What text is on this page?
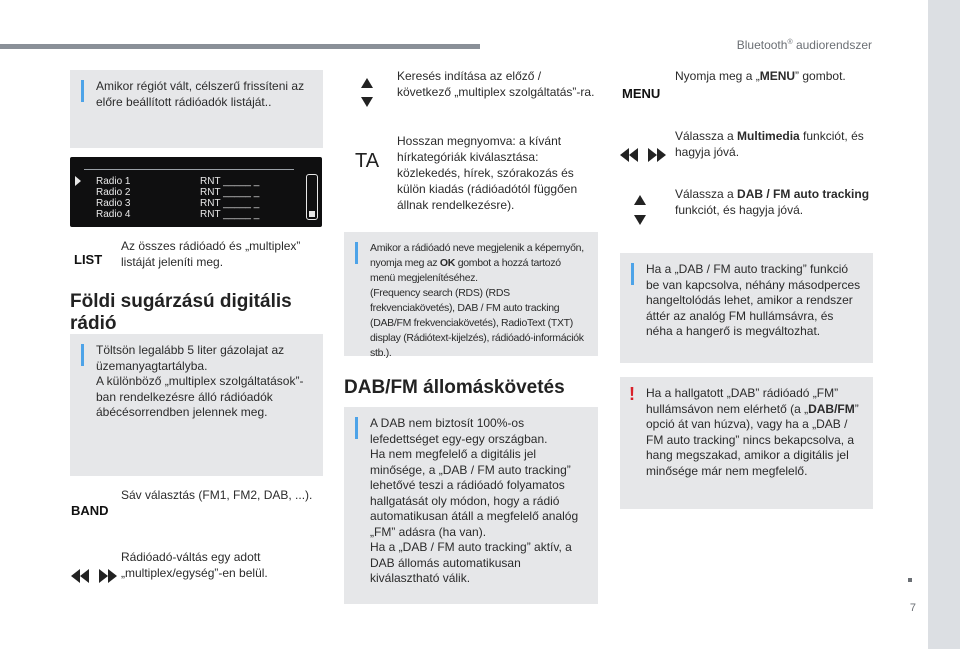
Bluetooth® audiorendszer
7
Amikor régiót vált, célszerű frissíteni az előre beállított rádióadók listáját..
Radio 1	RNT _____ _
Radio 2	RNT _____ _
Radio 3	RNT _____ _
Radio 4	RNT _____ _
LIST
Az összes rádióadó és „multiplex” listáját jeleníti meg.
Földi sugárzású digitális rádió
Töltsön legalább 5 liter gázolajat az üzemanyagtartályba.
A különböző „multiplex szolgáltatások”-ban rendelkezésre álló rádióadók ábécésorrendben jelennek meg.
BAND
Sáv választás (FM1, FM2, DAB, ...).
Rádióadó-váltás egy adott „multiplex/egység”-en belül.
Keresés indítása az előző / következő „multiplex szolgáltatás”-ra.
TA
Hosszan megnyomva: a kívánt hírkategóriák kiválasztása: közlekedés, hírek, szórakozás és külön kiadás (rádióadótól függően állnak rendelkezésre).
Amikor a rádióadó neve megjelenik a képernyőn, nyomja meg az OK gombot a hozzá tartozó menü megjelenítéséhez.
(Frequency search (RDS) (RDS frekvenciakövetés), DAB / FM auto tracking (DAB/FM frekvenciakövetés), RadioText (TXT) display (Rádiótext-kijelzés), rádióadó-információk stb.).
DAB/FM állomáskövetés
A DAB nem biztosít 100%-os lefedettséget egy-egy országban.
Ha nem megfelelő a digitális jel minősége, a „DAB / FM auto tracking” lehetővé teszi a rádióadó folyamatos hallgatását oly módon, hogy a rádió automatikusan átáll a megfelelő analóg „FM” adásra (ha van).
Ha a „DAB / FM auto tracking” aktív, a DAB állomás automatikusan kiválasztható válik.
MENU
Nyomja meg a „MENU” gombot.
Válassza a Multimedia funkciót, és hagyja jóvá.
Válassza a DAB / FM auto tracking funkciót, és hagyja jóvá.
Ha a „DAB / FM auto tracking” funkció be van kapcsolva, néhány másodperces hangeltolódás lehet, amikor a rendszer áttér az analóg FM hullámsávra, és néha a hangerő is megváltozhat.
! Ha a hallgatott „DAB” rádióadó „FM” hullámsávon nem elérhető (a „DAB/FM” opció át van húzva), vagy ha a „DAB / FM auto tracking” nincs bekapcsolva, a hang megszakad, amikor a digitális jel minősége már nem megfelelő.
